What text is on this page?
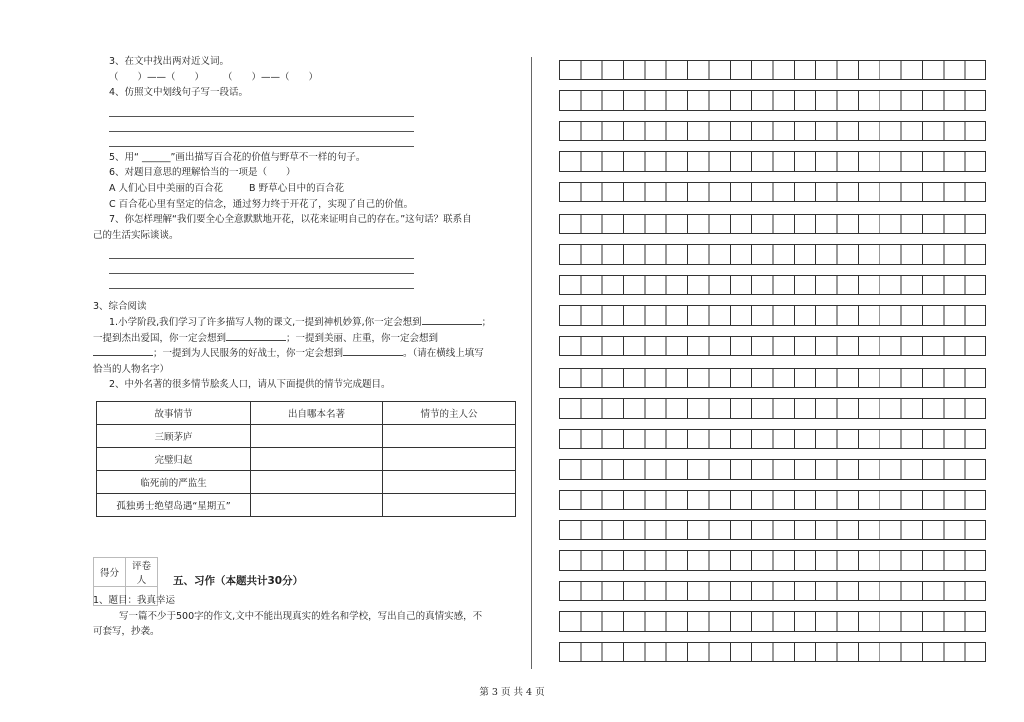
3、在文中找出两对近义词。
（　　）——（　　）　　　（　　）——（　　）
4、仿照文中划线句子写一段话。
5、用“ ______”画出描写百合花的价值与野草不一样的句子。
6、对题目意思的理解恰当的一项是（　　）
A 人们心目中美丽的百合花	B 野草心目中的百合花
C 百合花心里有坚定的信念，通过努力终于开花了，实现了自己的价值。
7、你怎样理解“我们要全心全意默默地开花，以花来证明自己的存在。”这句话？联系自
己的生活实际谈谈。
3、综合阅读
1.小学阶段,我们学习了许多描写人物的课文,一提到神机妙算,你一定会想到	；
一提到杰出爱国，你一定会想到	；一提到美丽、庄重，你一定会想到
；一提到为人民服务的好战士，你一定会想到	。（请在横线上填写
恰当的人物名字）
2、中外名著的很多情节脍炙人口，请从下面提供的情节完成题目。
故事情节	出自哪本名著	情节的主人公
三顾茅庐		
完璧归赵		
临死前的严监生		
孤独勇士绝望岛遇“星期五”		
得分	评卷人
		五、习作（本题共计30分）
1、题目：我真幸运
写一篇不少于500字的作文,文中不能出现真实的姓名和学校，写出自己的真情实感，不
可套写，抄袭。
第 3 页 共 4 页
